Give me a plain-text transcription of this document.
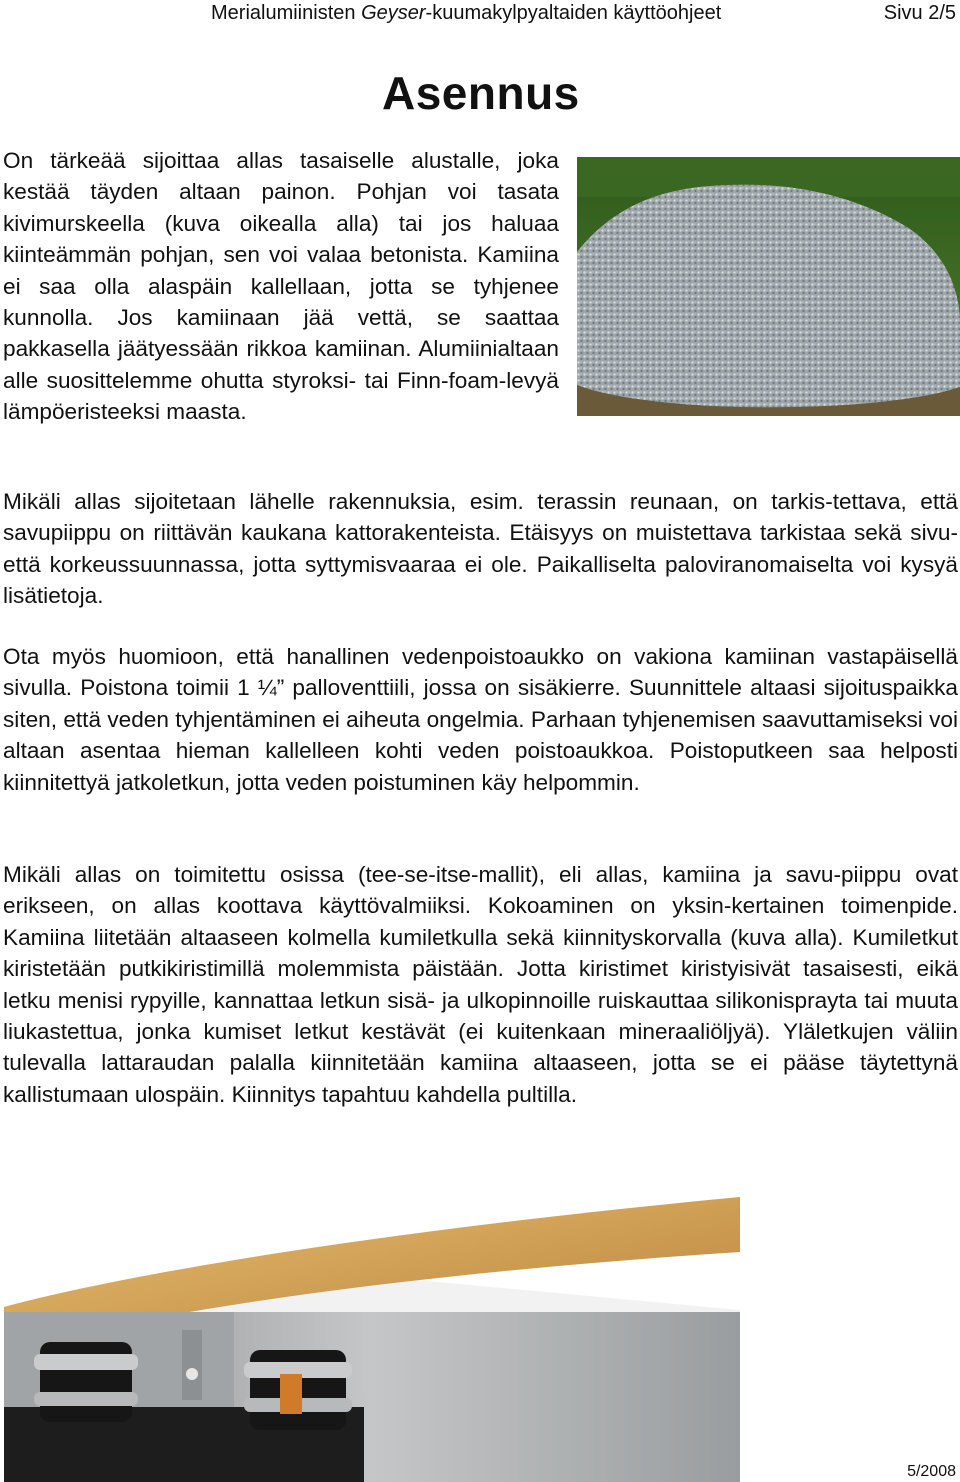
Merialumiinisten Geyser-kuumakylpyaltaiden käyttöohjeet	Sivu 2/5
Asennus
On tärkeää sijoittaa allas tasaiselle alustalle, joka kestää täyden altaan painon. Pohjan voi tasata kivimurskeella (kuva oikealla alla) tai jos haluaa kiinteämmän pohjan, sen voi valaa betonista. Kamiina ei saa olla alaspäin kallellaan, jotta se tyhjenee kunnolla. Jos kamiinaan jää vettä, se saattaa pakkasella jäätyessään rikkoa kamiinan. Alumiinialtaan alle suosittelemme ohutta styroksi- tai Finn-foam-levyä lämpöeristeeksi maasta.
Mikäli allas sijoitetaan lähelle rakennuksia, esim. terassin reunaan, on tarkis-tettava, että savupiippu on riittävän kaukana kattorakenteista. Etäisyys on muistettava tarkistaa sekä sivu- että korkeussuunnassa, jotta syttymisvaaraa ei ole. Paikalliselta paloviranomaiselta voi kysyä lisätietoja.
Ota myös huomioon, että hanallinen vedenpoistoaukko on vakiona kamiinan vastapäisellä sivulla. Poistona toimii 1 ¼” palloventtiili, jossa on sisäkierre. Suunnittele altaasi sijoituspaikka siten, että veden tyhjentäminen ei aiheuta ongelmia. Parhaan tyhjenemisen saavuttamiseksi voi altaan asentaa hieman kallelleen kohti veden poistoaukkoa. Poistoputkeen saa helposti kiinnitettyä jatkoletkun, jotta veden poistuminen käy helpommin.
Mikäli allas on toimitettu osissa (tee-se-itse-mallit), eli allas, kamiina ja savu-piippu ovat erikseen, on allas koottava käyttövalmiiksi. Kokoaminen on yksin-kertainen toimenpide. Kamiina liitetään altaaseen kolmella kumiletkulla sekä kiinnityskorvalla (kuva alla). Kumiletkut kiristetään putkikiristimillä molemmista päistään. Jotta kiristimet kiristyisivät tasaisesti, eikä letku menisi rypyille, kannattaa letkun sisä- ja ulkopinnoille ruiskauttaa silikonisprayta tai muuta liukastettua, jonka kumiset letkut kestävät (ei kuitenkaan mineraaliöljyä). Yläletkujen väliin tulevalla lattaraudan palalla kiinnitetään kamiina altaaseen, jotta se ei pääse täytettynä kallistumaan ulospäin. Kiinnitys tapahtuu kahdella pultilla.
5/2008
